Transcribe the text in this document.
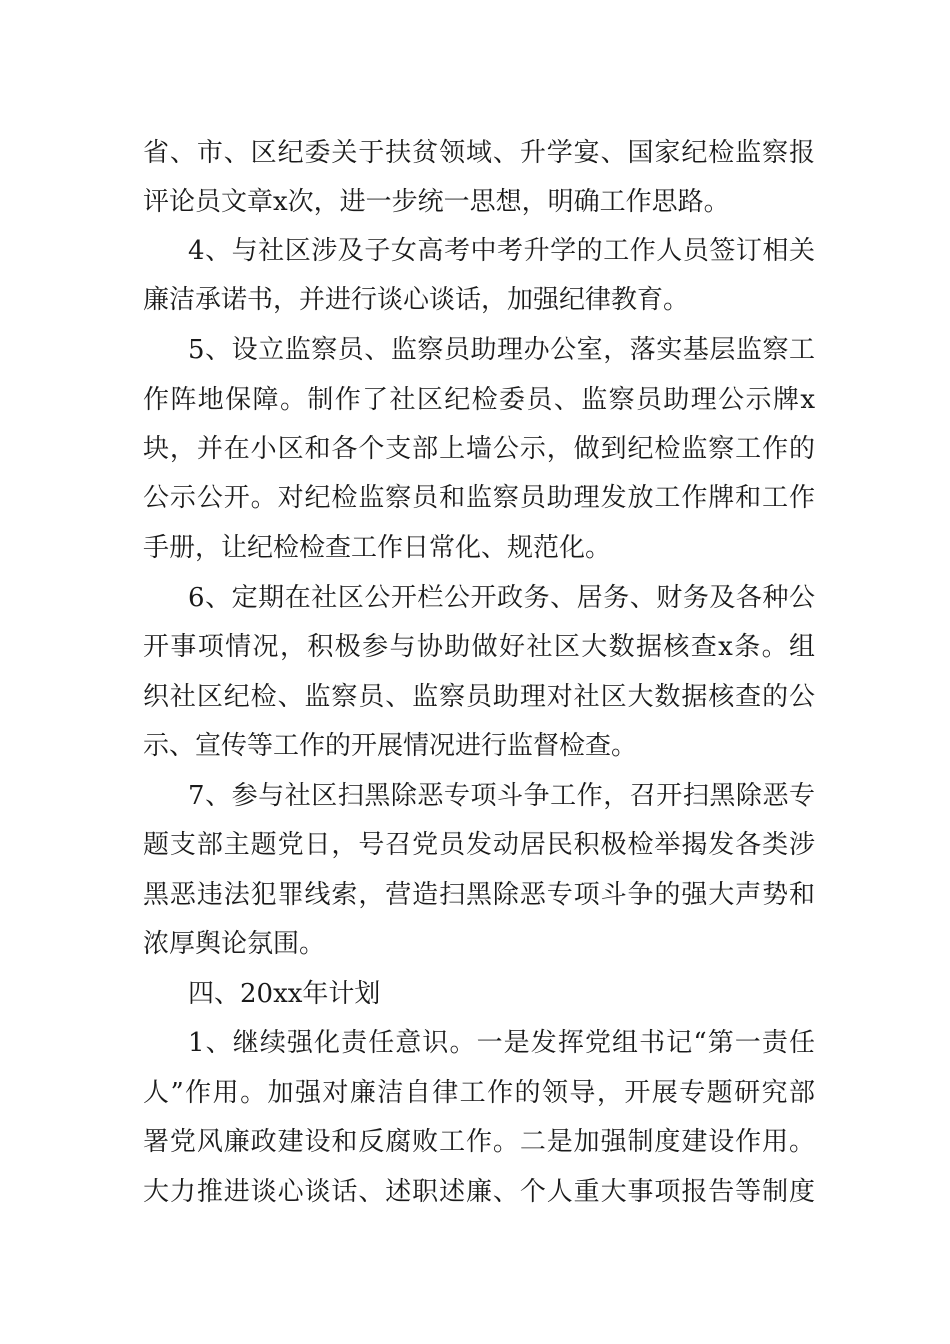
省、市、区纪委关于扶贫领域、升学宴、国家纪检监察报
评论员文章x次，进一步统一思想，明确工作思路。
4、与社区涉及子女高考中考升学的工作人员签订相关
廉洁承诺书，并进行谈心谈话，加强纪律教育。
5、设立监察员、监察员助理办公室，落实基层监察工
作阵地保障。制作了社区纪检委员、监察员助理公示牌x
块，并在小区和各个支部上墙公示，做到纪检监察工作的
公示公开。对纪检监察员和监察员助理发放工作牌和工作
手册，让纪检检查工作日常化、规范化。
6、定期在社区公开栏公开政务、居务、财务及各种公
开事项情况，积极参与协助做好社区大数据核查x条。组
织社区纪检、监察员、监察员助理对社区大数据核查的公
示、宣传等工作的开展情况进行监督检查。
7、参与社区扫黑除恶专项斗争工作，召开扫黑除恶专
题支部主题党日，号召党员发动居民积极检举揭发各类涉
黑恶违法犯罪线索，营造扫黑除恶专项斗争的强大声势和
浓厚舆论氛围。
四、20xx年计划
1、继续强化责任意识。一是发挥党组书记“第一责任
人”作用。加强对廉洁自律工作的领导，开展专题研究部
署党风廉政建设和反腐败工作。二是加强制度建设作用。
大力推进谈心谈话、述职述廉、个人重大事项报告等制度
